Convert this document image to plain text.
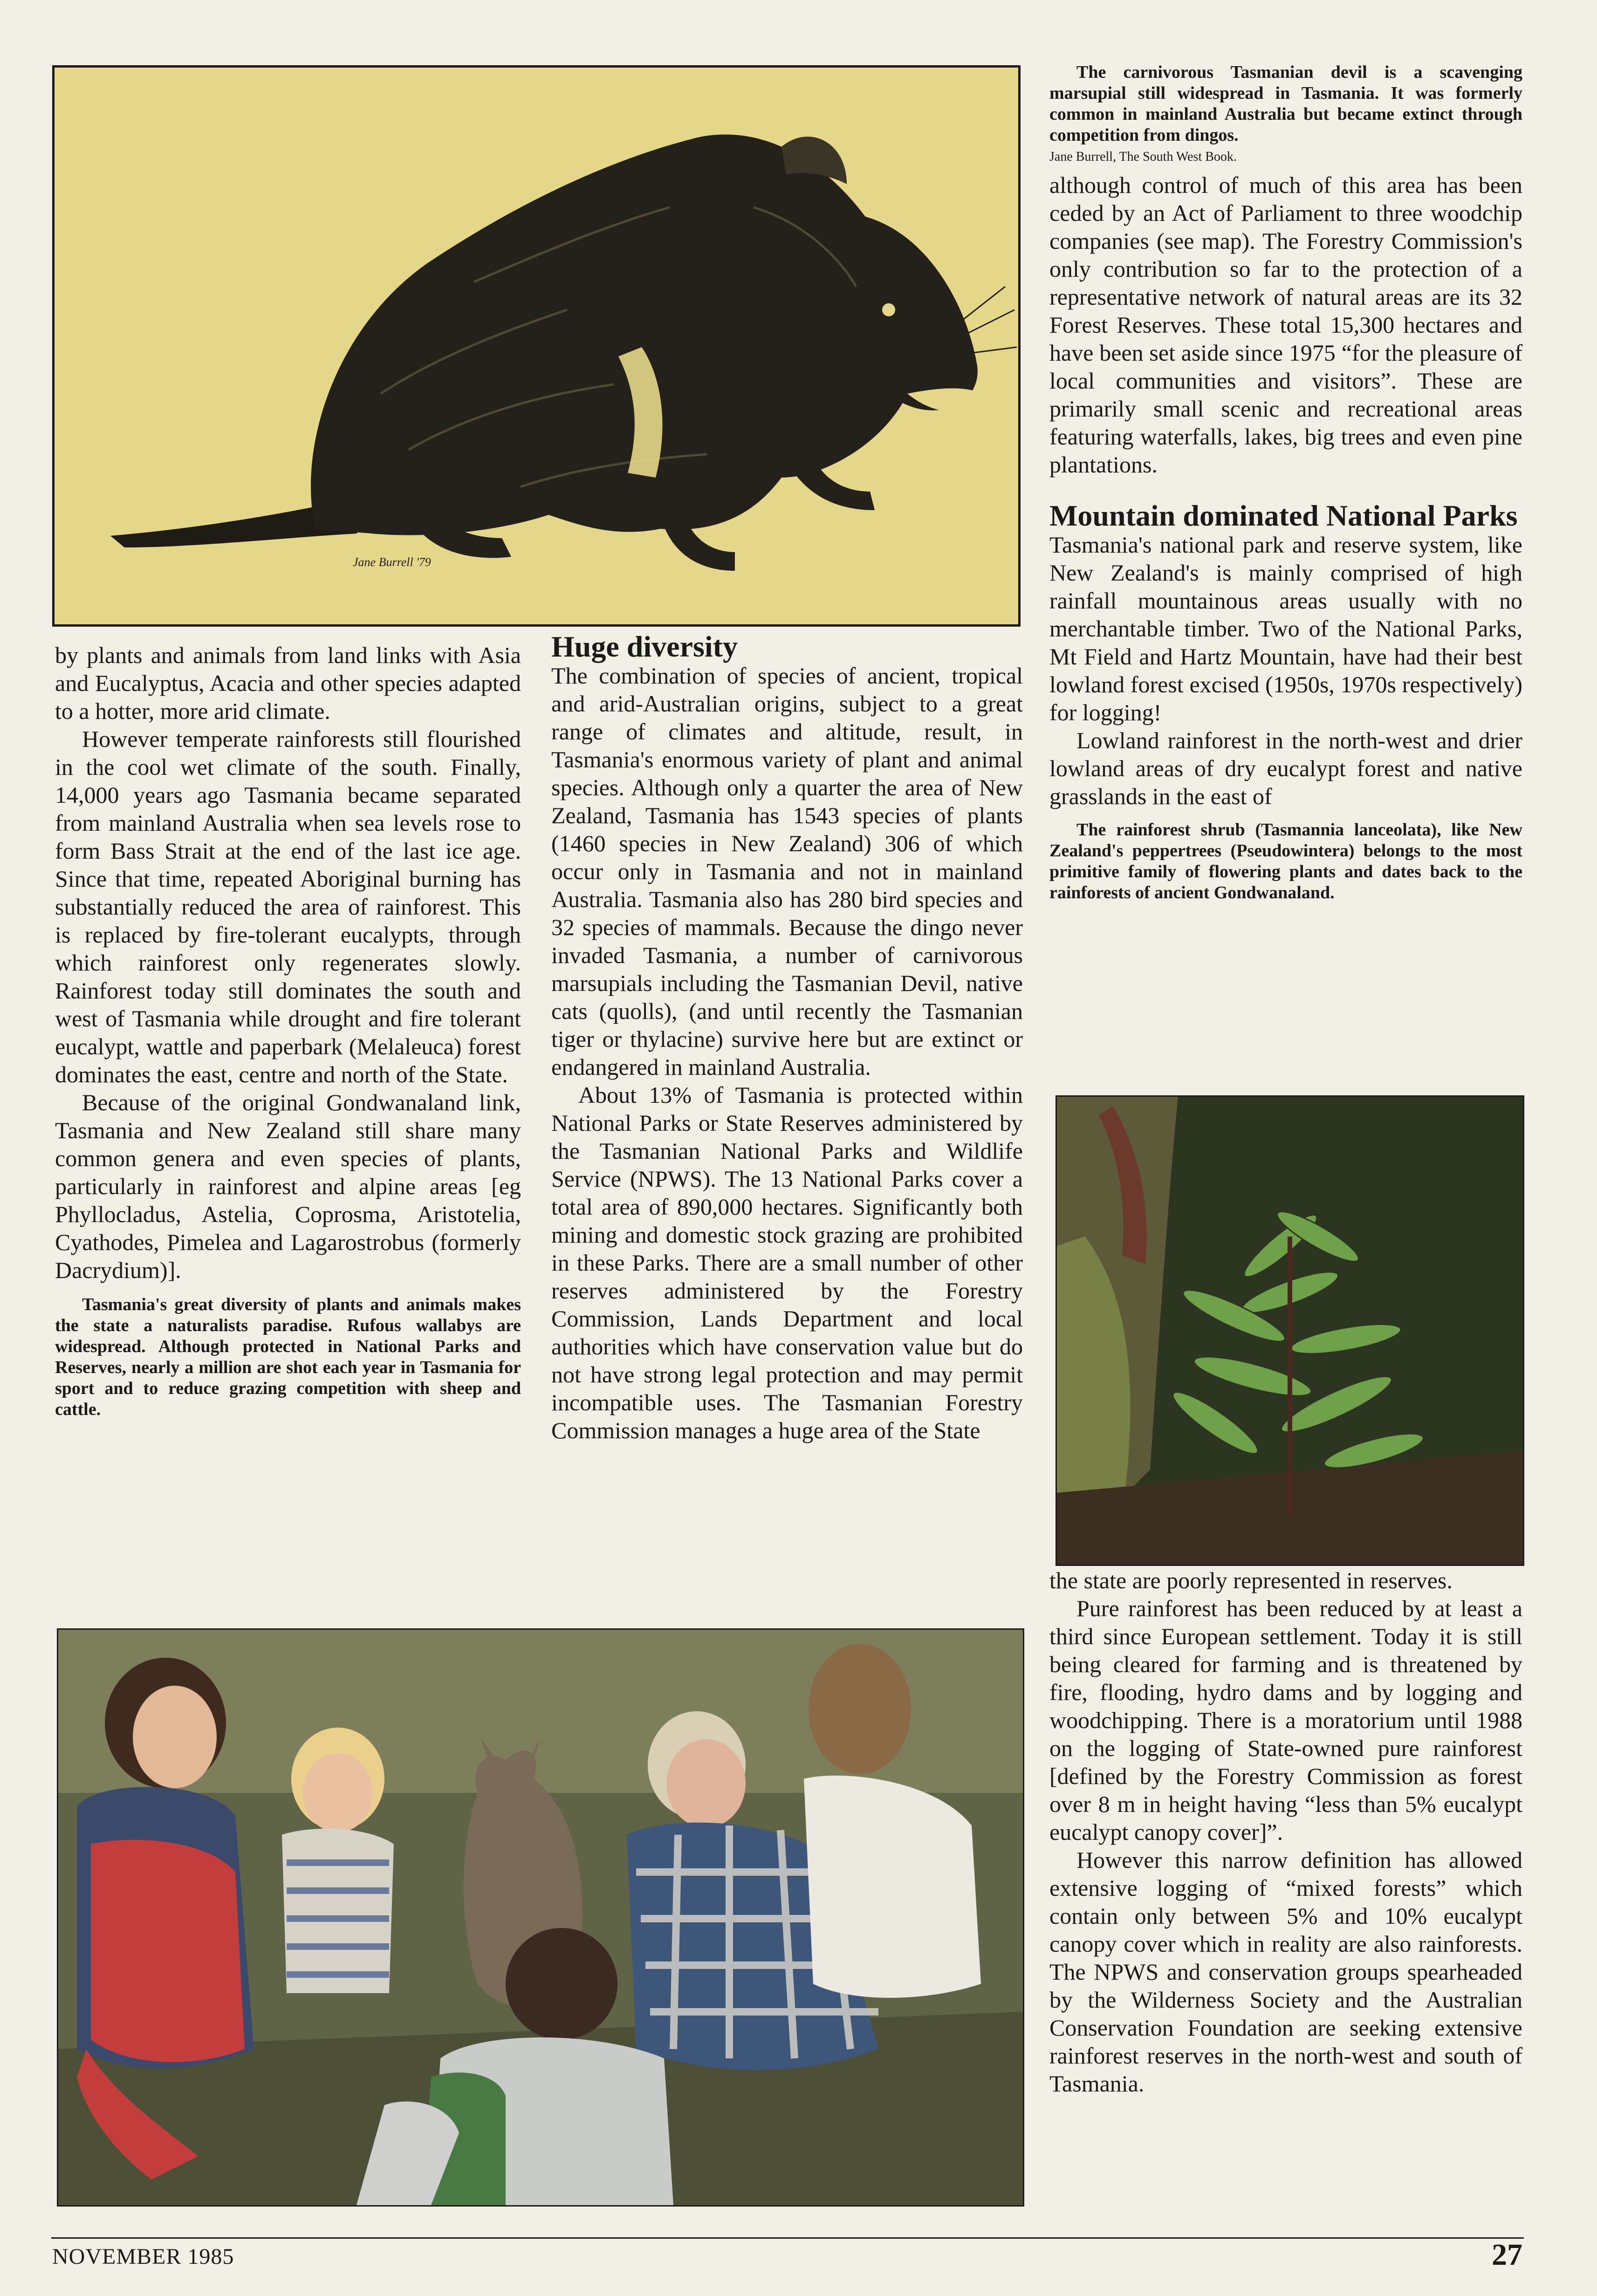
Jane Burrell '79

The carnivorous Tasmanian devil is a scavenging marsupial still widespread in Tasmania. It was formerly common in mainland Australia but became extinct through competition from dingos.

Jane Burrell, The South West Book.

although control of much of this area has been ceded by an Act of Parliament to three woodchip companies (see map). The Forestry Commission's only contribution so far to the protection of a representative network of natural areas are its 32 Forest Reserves. These total 15,300 hectares and have been set aside since 1975 “for the pleasure of local communities and visitors”. These are primarily small scenic and recreational areas featuring waterfalls, lakes, big trees and even pine plantations.

Mountain dominated National Parks

Tasmania's national park and reserve system, like New Zealand's is mainly comprised of high rainfall mountainous areas usually with no merchantable timber. Two of the National Parks, Mt Field and Hartz Mountain, have had their best lowland forest excised (1950s, 1970s respectively) for logging!

Lowland rainforest in the north-west and drier lowland areas of dry eucalypt forest and native grasslands in the east of

The rainforest shrub (Tasmannia lanceolata), like New Zealand's peppertrees (Pseudowintera) belongs to the most primitive family of flowering plants and dates back to the rainforests of ancient Gondwanaland.

the state are poorly represented in reserves.

Pure rainforest has been reduced by at least a third since European settlement. Today it is still being cleared for farming and is threatened by fire, flooding, hydro dams and by logging and woodchipping. There is a moratorium until 1988 on the logging of State-owned pure rainforest [defined by the Forestry Commission as forest over 8 m in height having “less than 5% eucalypt eucalypt canopy cover]”.

However this narrow definition has allowed extensive logging of “mixed forests” which contain only between 5% and 10% eucalypt canopy cover which in reality are also rainforests. The NPWS and conservation groups spearheaded by the Wilderness Society and the Australian Conservation Foundation are seeking extensive rainforest reserves in the north-west and south of Tasmania.

by plants and animals from land links with Asia and Eucalyptus, Acacia and other species adapted to a hotter, more arid climate.

However temperate rainforests still flourished in the cool wet climate of the south. Finally, 14,000 years ago Tasmania became separated from mainland Australia when sea levels rose to form Bass Strait at the end of the last ice age. Since that time, repeated Aboriginal burning has substantially reduced the area of rainforest. This is replaced by fire-tolerant eucalypts, through which rainforest only regenerates slowly. Rainforest today still dominates the south and west of Tasmania while drought and fire tolerant eucalypt, wattle and paperbark (Melaleuca) forest dominates the east, centre and north of the State.

Because of the original Gondwanaland link, Tasmania and New Zealand still share many common genera and even species of plants, particularly in rainforest and alpine areas [eg Phyllocladus, Astelia, Coprosma, Aristotelia, Cyathodes, Pimelea and Lagarostrobus (formerly Dacrydium)].

Tasmania's great diversity of plants and animals makes the state a naturalists paradise. Rufous wallabys are widespread. Although protected in National Parks and Reserves, nearly a million are shot each year in Tasmania for sport and to reduce grazing competition with sheep and cattle.

Huge diversity

The combination of species of ancient, tropical and arid-Australian origins, subject to a great range of climates and altitude, result, in Tasmania's enormous variety of plant and animal species. Although only a quarter the area of New Zealand, Tasmania has 1543 species of plants (1460 species in New Zealand) 306 of which occur only in Tasmania and not in mainland Australia. Tasmania also has 280 bird species and 32 species of mammals. Because the dingo never invaded Tasmania, a number of carnivorous marsupials including the Tasmanian Devil, native cats (quolls), (and until recently the Tasmanian tiger or thylacine) survive here but are extinct or endangered in mainland Australia.

About 13% of Tasmania is protected within National Parks or State Reserves administered by the Tasmanian National Parks and Wildlife Service (NPWS). The 13 National Parks cover a total area of 890,000 hectares. Significantly both mining and domestic stock grazing are prohibited in these Parks. There are a small number of other reserves administered by the Forestry Commission, Lands Department and local authorities which have conservation value but do not have strong legal protection and may permit incompatible uses. The Tasmanian Forestry Commission manages a huge area of the State

NOVEMBER 1985	27
